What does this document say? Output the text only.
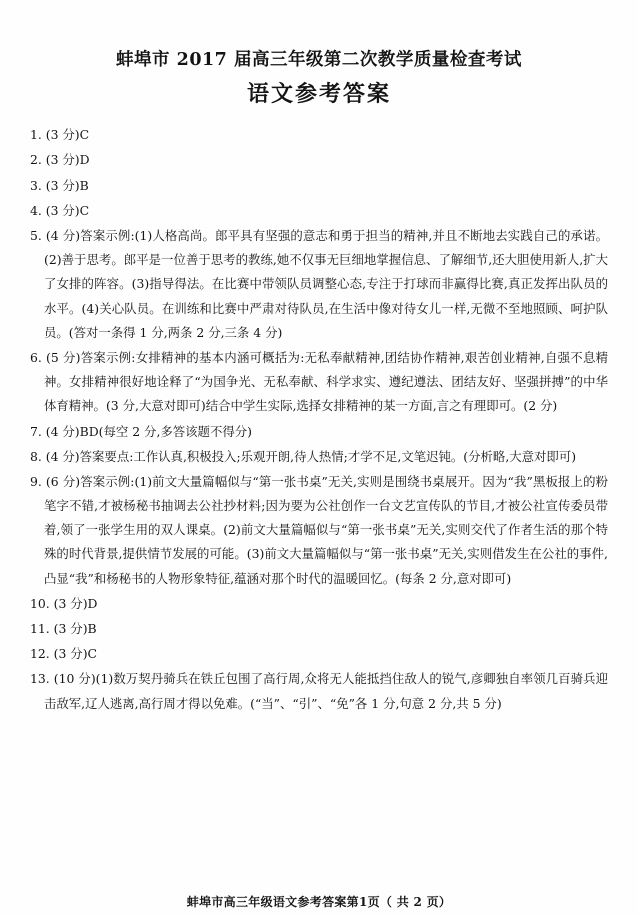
蚌埠市 2017 届高三年级第二次教学质量检查考试
语文参考答案
1. (3 分)C
2. (3 分)D
3. (3 分)B
4. (3 分)C
5. (4 分)答案示例:(1)人格高尚。郎平具有坚强的意志和勇于担当的精神,并且不断地去实践自己的承诺。(2)善于思考。郎平是一位善于思考的教练,她不仅事无巨细地掌握信息、了解细节,还大胆使用新人,扩大了女排的阵容。(3)指导得法。在比赛中带领队员调整心态,专注于打球而非赢得比赛,真正发挥出队员的水平。(4)关心队员。在训练和比赛中严肃对待队员,在生活中像对待女儿一样,无微不至地照顾、呵护队员。(答对一条得 1 分,两条 2 分,三条 4 分)
6. (5 分)答案示例:女排精神的基本内涵可概括为:无私奉献精神,团结协作精神,艰苦创业精神,自强不息精神。女排精神很好地诠释了“为国争光、无私奉献、科学求实、遵纪遵法、团结友好、坚强拼搏”的中华体育精神。(3 分,大意对即可)结合中学生实际,选择女排精神的某一方面,言之有理即可。(2 分)
7. (4 分)BD(每空 2 分,多答该题不得分)
8. (4 分)答案要点:工作认真,积极投入;乐观开朗,待人热情;才学不足,文笔迟钝。(分析略,大意对即可)
9. (6 分)答案示例:(1)前文大量篇幅似与“第一张书桌”无关,实则是围绕书桌展开。因为“我”黑板报上的粉笔字不错,才被杨秘书抽调去公社抄材料;因为要为公社创作一台文艺宣传队的节目,才被公社宣传委员带着,领了一张学生用的双人课桌。(2)前文大量篇幅似与“第一张书桌”无关,实则交代了作者生活的那个特殊的时代背景,提供情节发展的可能。(3)前文大量篇幅似与“第一张书桌”无关,实则借发生在公社的事件,凸显“我”和杨秘书的人物形象特征,蕴涵对那个时代的温暖回忆。(每条 2 分,意对即可)
10. (3 分)D
11. (3 分)B
12. (3 分)C
13. (10 分)(1)数万契丹骑兵在铁丘包围了高行周,众将无人能抵挡住敌人的锐气,彦卿独自率领几百骑兵迎击敌军,辽人逃离,高行周才得以免难。(“当”、“引”、“免”各 1 分,句意 2 分,共 5 分)
蚌埠市高三年级语文参考答案第1页（ 共 2 页）
